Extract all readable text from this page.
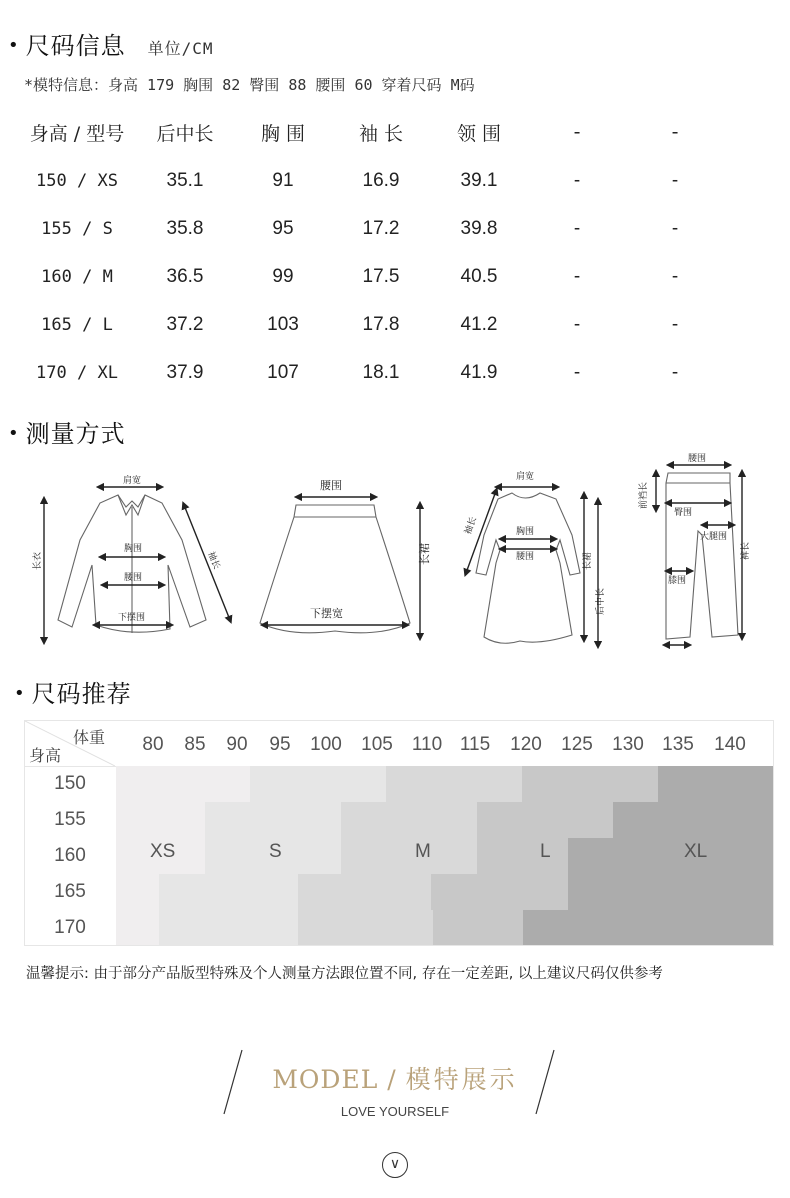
• 尺码信息 单位/CM
*模特信息：身高 179 胸围 82 臀围 88 腰围 60 穿着尺码 M码
身高 / 型号	后中长	胸 围	袖 长	领 围	-	-
150 / XS	35.1	91	16.9	39.1	-	-
155 / S	35.8	95	17.2	39.8	-	-
160 / M	36.5	99	17.5	40.5	-	-
165 / L	37.2	103	17.8	41.2	-	-
170 / XL	37.9	107	18.1	41.9	-	-
• 测量方式
肩宽
胸围
腰围
下摆围
长衣	袖长
腰围
下摆宽
长裙
肩宽
胸围
腰围
袖长
长裙
后中长
腰围
前裆长
臀围
大腿围
膝围
裤长
• 尺码推荐
体重
身高
80	85	90	95	100	105	110 115	120	125	130 135	140
150
155
160
165
170
XS	S	M	L	XL
温馨提示: 由于部分产品版型特殊及个人测量方法跟位置不同, 存在一定差距, 以上建议尺码仅供参考
MODEL / 模特展示
LOVE YOURSELF
∨
